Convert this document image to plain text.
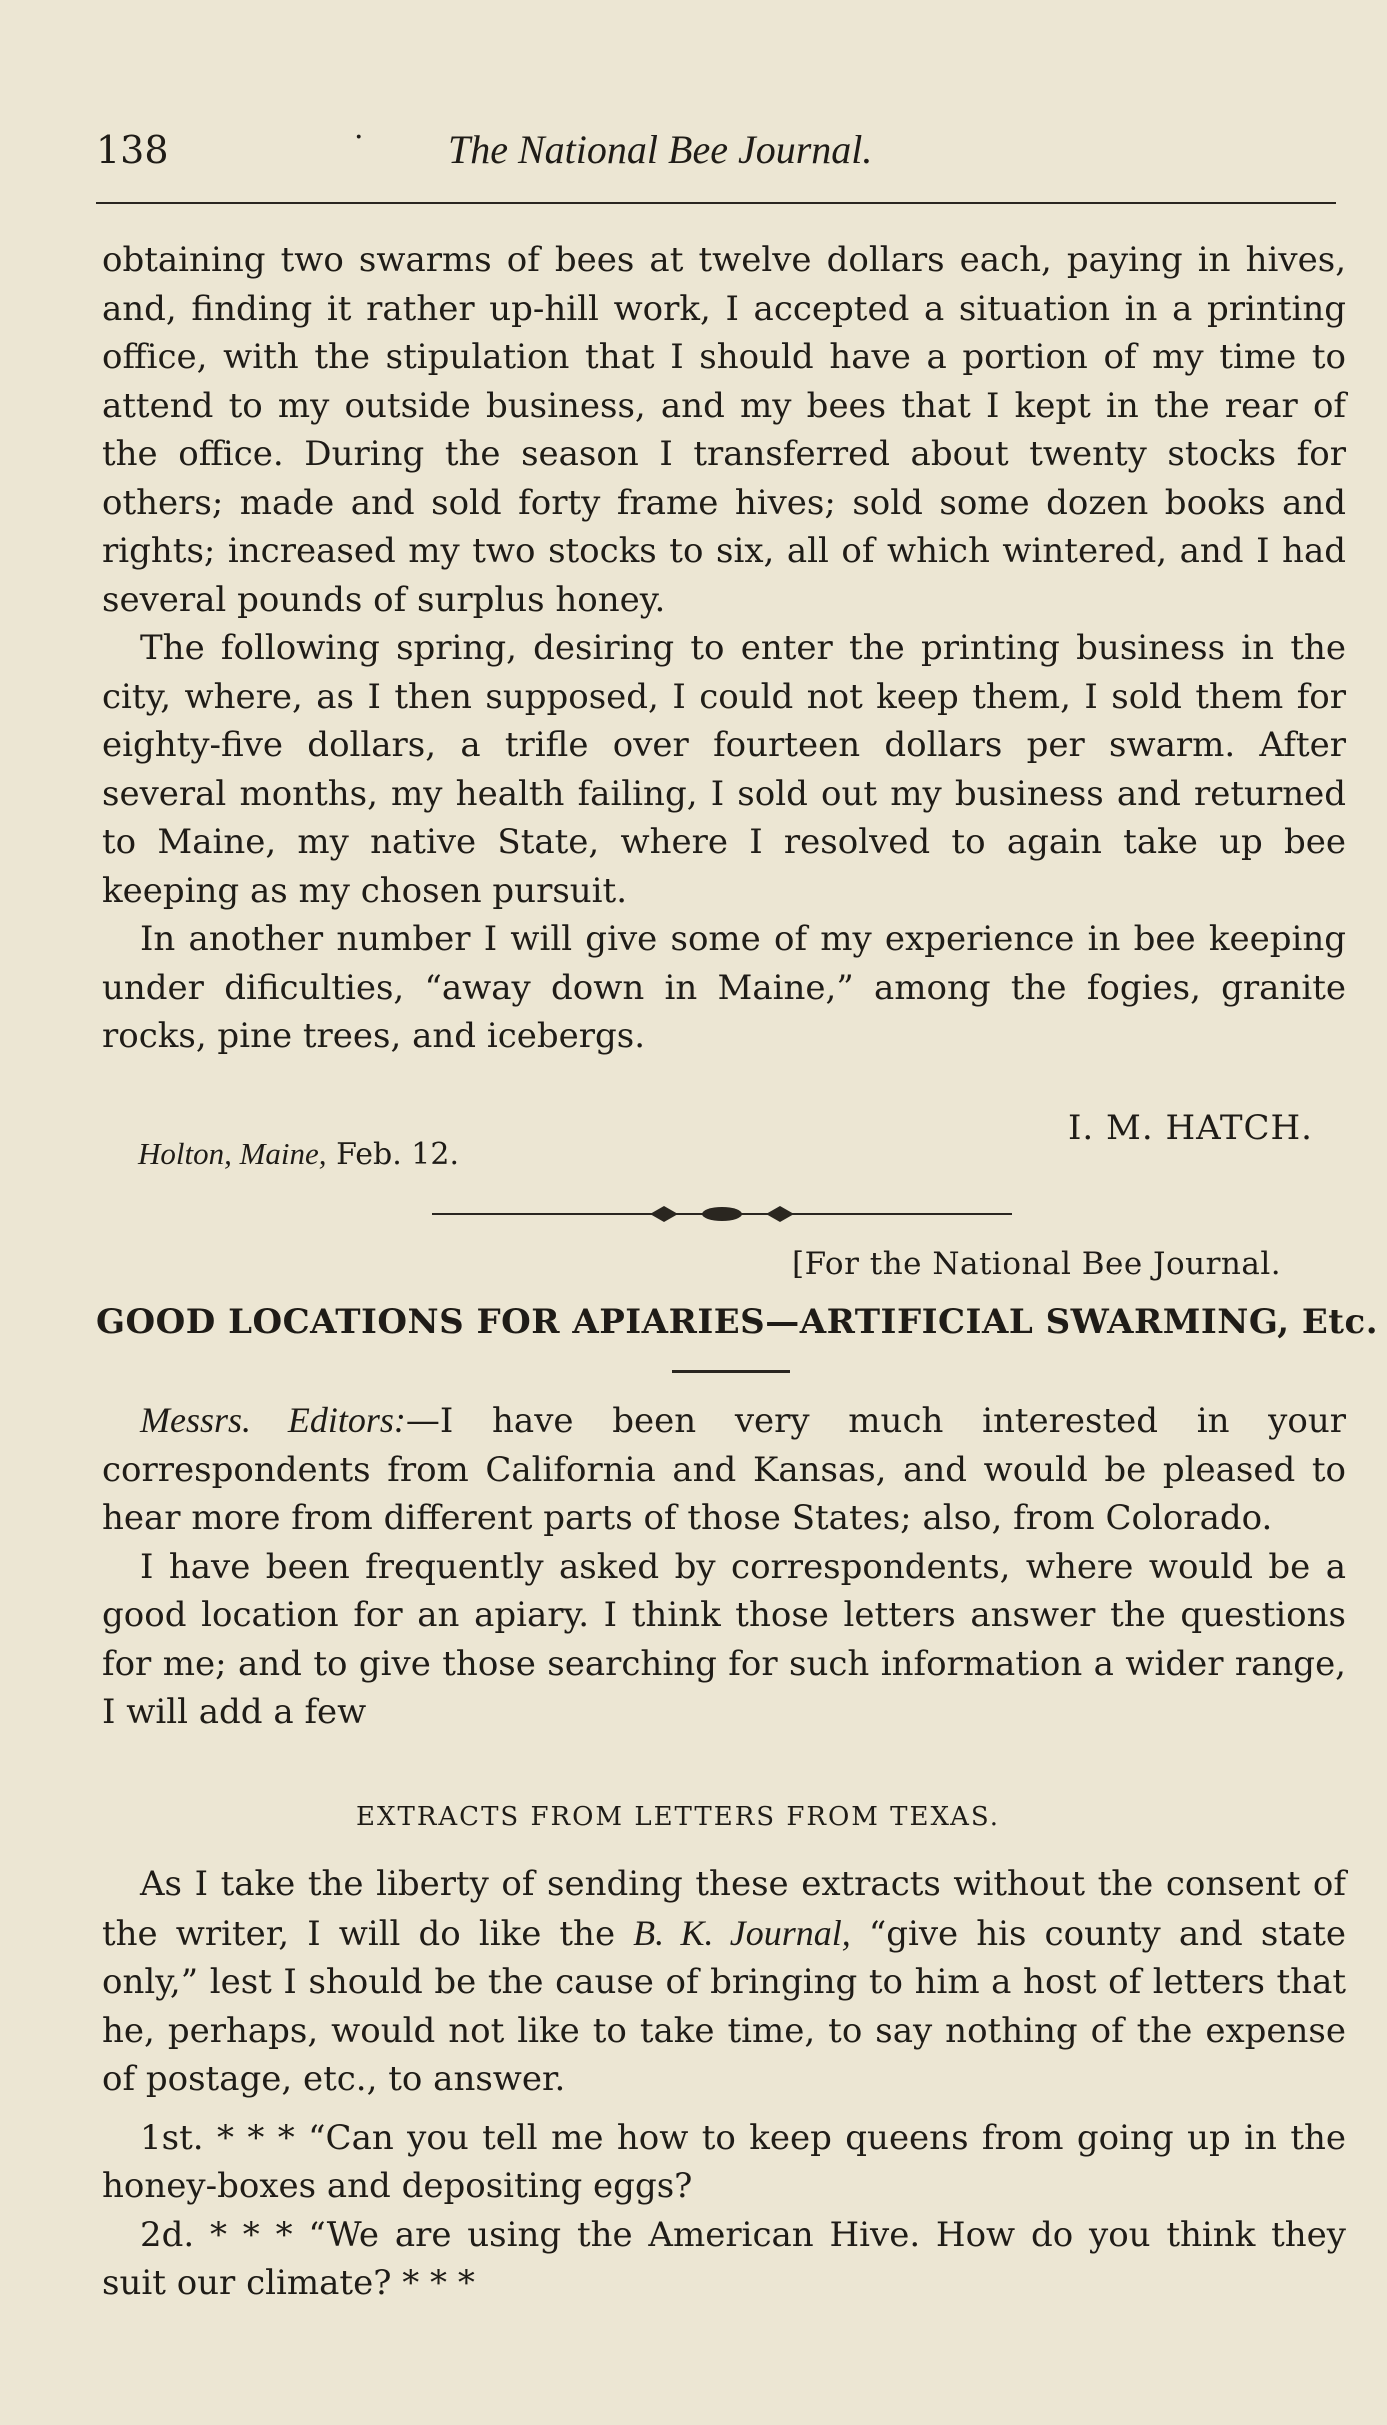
138	· The National Bee Journal.

obtaining two swarms of bees at twelve dollars each, paying in hives, and, finding it rather up-hill work, I accepted a situation in a printing office, with the stipulation that I should have a portion of my time to attend to my outside business, and my bees that I kept in the rear of the office. During the season I transferred about twenty stocks for others; made and sold forty frame hives; sold some dozen books and rights; increased my two stocks to six, all of which wintered, and I had several pounds of surplus honey.

The following spring, desiring to enter the printing business in the city, where, as I then supposed, I could not keep them, I sold them for eighty-five dollars, a trifle over fourteen dollars per swarm. After several months, my health failing, I sold out my business and returned to Maine, my native State, where I resolved to again take up bee keeping as my chosen pursuit.

In another number I will give some of my experience in bee keeping under dificulties, “away down in Maine,” among the fogies, granite rocks, pine trees, and icebergs.

I. M. HATCH.
Holton, Maine, Feb. 12.
[For the National Bee Journal.
GOOD LOCATIONS FOR APIARIES—ARTIFICIAL SWARMING, Etc.

Messrs. Editors:—I have been very much interested in your correspondents from California and Kansas, and would be pleased to hear more from different parts of those States; also, from Colorado.

I have been frequently asked by correspondents, where would be a good location for an apiary. I think those letters answer the questions for me; and to give those searching for such information a wider range, I will add a few

EXTRACTS FROM LETTERS FROM TEXAS.

As I take the liberty of sending these extracts without the consent of the writer, I will do like the B. K. Journal, “give his county and state only,” lest I should be the cause of bringing to him a host of letters that he, perhaps, would not like to take time, to say nothing of the expense of postage, etc., to answer.

1st. * * * “Can you tell me how to keep queens from going up in the honey-boxes and depositing eggs?

2d. * * * “We are using the American Hive. How do you think they suit our climate? * * *
